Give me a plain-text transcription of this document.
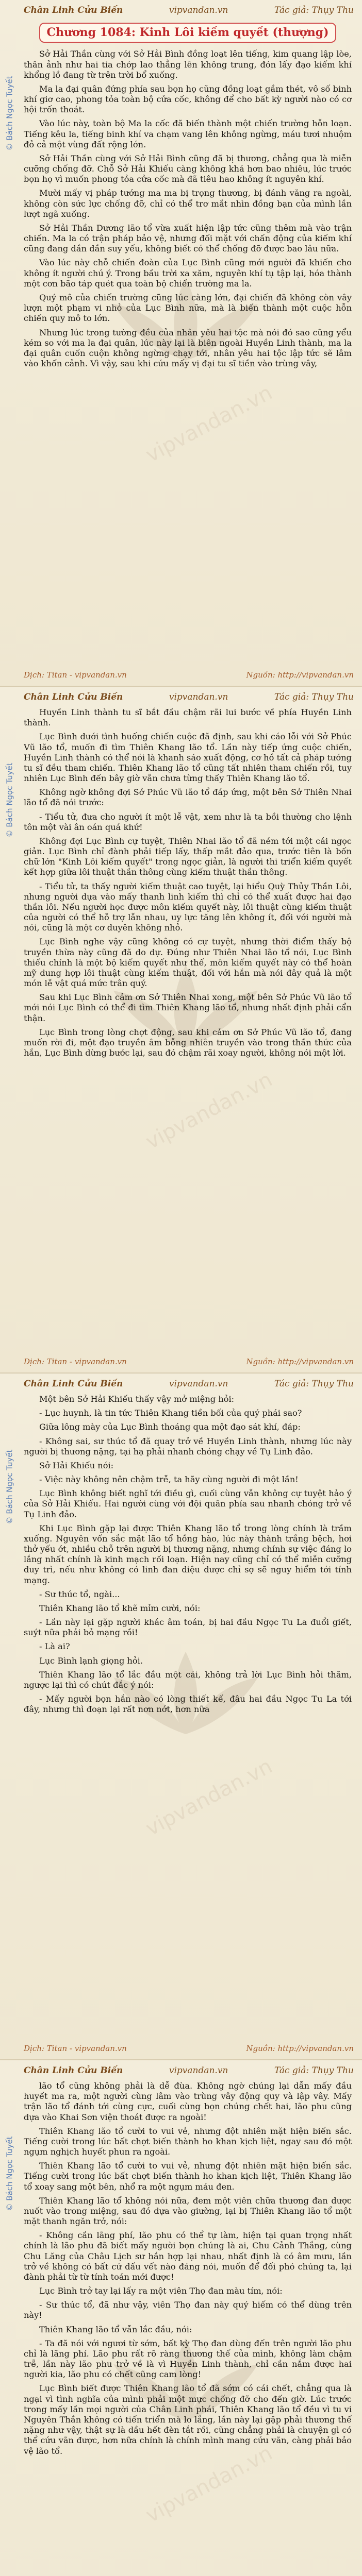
Chân Linh Cửu Biến	vipvandan.vn	Tác giả: Thụy Thu
© Bách Ngọc Tuyết
vipvandan.vn
Chương 1084: Kinh Lôi kiếm quyết (thượng)

Sở Hải Thần cùng với Sở Hải Bình đồng loạt lên tiếng, kim quang lập lòe, thân ảnh như hai tia chớp lao thẳng lên không trung, đón lấy đạo kiếm khí khổng lồ đang từ trên trời bổ xuống.

Ma la đại quân đứng phía sau bọn họ cũng đồng loạt gầm thét, vô số binh khí giơ cao, phong tỏa toàn bộ cửa cốc, không để cho bất kỳ người nào có cơ hội trốn thoát.

Vào lúc này, toàn bộ Ma la cốc đã biến thành một chiến trường hỗn loạn. Tiếng kêu la, tiếng binh khí va chạm vang lên không ngừng, máu tươi nhuộm đỏ cả một vùng đất rộng lớn.

Sở Hải Thần cùng với Sở Hải Bình cũng đã bị thương, chẳng qua là miễn cưỡng chống đỡ. Chỗ Sở Hải Khiếu càng không khá hơn bao nhiêu, lúc trước bọn họ vì muốn phong tỏa cửa cốc mà đã tiêu hao không ít nguyên khí.

Mười mấy vị pháp tướng ma ma bị trọng thương, bị đánh văng ra ngoài, không còn sức lực chống đỡ, chỉ có thể trơ mắt nhìn đồng bạn của mình lần lượt ngã xuống.

Sở Hải Thần Dương lão tổ vừa xuất hiện lập tức cũng thêm mà vào trận chiến. Ma la có trận pháp bảo vệ, nhưng đối mặt với chấn động của kiếm khí cũng đang dần dần suy yếu, không biết có thể chống đỡ được bao lâu nữa.

Vào lúc này chỗ chiến đoàn của Lục Bình cũng mới người đã khiến cho không ít người chú ý. Trong bầu trời xa xăm, nguyên khí tụ tập lại, hóa thành một cơn bão táp quét qua toàn bộ chiến trường ma la.

Quý mô của chiến trường cũng lúc càng lớn, đại chiến đã không còn vây lượn một phạm vi nhỏ của Lục Bình nữa, mà là biến thành một cuộc hỗn chiến quy mô to lớn.

Nhưng lúc trong tường đều của nhân yêu hai tộc mà nói đó sao cũng yểu kém so với ma la đại quân, lúc này lại là biên ngoài Huyền Linh thành, ma la đại quân cuốn cuộn không ngừng chạy tới, nhân yêu hai tộc lập tức sẽ lâm vào khốn cảnh. Vì vậy, sau khi cứu mấy vị đại tu sĩ tiền vào trùng vây,

Dịch: Titan - vipvandan.vn	Nguồn: http://vipvandan.vn
Chân Linh Cửu Biến	vipvandan.vn	Tác giả: Thụy Thu
© Bách Ngọc Tuyết
vipvandan.vn

Huyền Linh thành tu sĩ bắt đầu chậm rãi lui bước về phía Huyền Linh thành.

Lục Bình dưới tình huống chiến cuộc đã định, sau khi cáo lỗi với Sở Phúc Vũ lão tổ, muốn đi tìm Thiên Khang lão tổ. Lần này tiếp ứng cuộc chiến, Huyền Linh thành có thể nói là khanh sáo xuất động, cơ hồ tất cả pháp tướng tu sĩ đều tham chiến. Thiên Khang lão tổ cũng tất nhiên tham chiến rồi, tuy nhiên Lục Bình đến bây giờ vẫn chưa từng thấy Thiên Khang lão tổ.

Không ngờ không đợi Sở Phúc Vũ lão tổ đáp ứng, một bên Sở Thiên Nhai lão tổ đã nói trước:

- Tiểu tử, đưa cho người ít một lễ vật, xem như là ta bồi thường cho lệnh tôn một vài ân oán quá khứ!

Không đợi Lục Bình cự tuyệt, Thiên Nhai lão tổ đã ném tới một cái ngọc giản. Lục Bình chỉ đành phải tiếp lấy, thấp mắt đảo qua, trước tiên là bốn chữ lớn "Kinh Lôi kiếm quyết" trong ngọc giản, là người thi triển kiếm quyết kết hợp giữa lôi thuật thần thông cùng kiếm thuật thần thông.

- Tiểu tử, ta thấy người kiếm thuật cao tuyệt, lại hiểu Quỳ Thủy Thần Lôi, nhưng người dựa vào mấy thanh linh kiếm thì chỉ có thể xuất được hai đạo thần lôi. Nếu người học được môn kiếm quyết này, lôi thuật cùng kiếm thuật của người có thể hỗ trợ lẫn nhau, uy lực tăng lên không ít, đối với người mà nói, cũng là một cơ duyên không nhỏ.

Lục Bình nghe vậy cũng không có cự tuyệt, nhưng thời điểm thấy bộ truyền thừa này cũng đã do dự. Đúng như Thiên Nhai lão tổ nói, Lục Bình thiếu chính là một bộ kiếm quyết như thế, môn kiếm quyết này có thể hoàn mỹ dung hợp lôi thuật cùng kiếm thuật, đối với hắn mà nói đây quả là một món lễ vật quá mức trân quý.

Sau khi Lục Bình cảm ơn Sở Thiên Nhai xong, một bên Sở Phúc Vũ lão tổ mới nói Lục Bình có thể đi tìm Thiên Khang lão tổ, nhưng nhất định phải cẩn thận.

Lục Bình trong lòng chợt động, sau khi cảm ơn Sở Phúc Vũ lão tổ, đang muốn rời đi, một đạo truyền âm bỗng nhiên truyền vào trong thần thức của hắn, Lục Bình dừng bước lại, sau đó chậm rãi xoay người, không nói một lời.

Dịch: Titan - vipvandan.vn	Nguồn: http://vipvandan.vn
Chân Linh Cửu Biến	vipvandan.vn	Tác giả: Thụy Thu
© Bách Ngọc Tuyết
vipvandan.vn

Một bên Sở Hải Khiếu thấy vậy mở miệng hỏi:

- Lục huynh, là tin tức Thiên Khang tiền bối của quý phái sao?

Giữa lông mày của Lục Bình thoáng qua một đạo sát khí, đáp:

- Không sai, sư thúc tổ đã quay trở về Huyền Linh thành, nhưng lúc này người bị thương nặng, tại hạ phải nhanh chóng chạy về Tụ Linh đảo.

Sở Hải Khiếu nói:

- Việc này không nên chậm trễ, ta hãy cùng người đi một lần!

Lục Bình không biết nghĩ tới điều gì, cuối cùng vẫn không cự tuyệt hảo ý của Sở Hải Khiếu. Hai người cùng với đội quân phía sau nhanh chóng trở về Tụ Linh đảo.

Khi Lục Bình gặp lại được Thiên Khang lão tổ trong lòng chính là trầm xuống. Nguyên vốn sắc mặt lão tổ hồng hào, lúc này thành trắng bệch, hơi thở yếu ớt, nhiều chỗ trên người bị thương nặng, nhưng chính sự việc đáng lo lắng nhất chính là kinh mạch rối loạn. Hiện nay cũng chỉ có thể miễn cưỡng duy trì, nếu như không có linh đan diệu dược chỉ sợ sẽ nguy hiểm tới tính mạng.

- Sư thúc tổ, ngài...

Thiên Khang lão tổ khẽ mỉm cười, nói:

- Lần này lại gặp người khác âm toán, bị hai đầu Ngọc Tu La đuổi giết, suýt nữa phải bỏ mạng rồi!

- Là ai?

Lục Bình lạnh giọng hỏi.

Thiên Khang lão tổ lắc đầu một cái, không trả lời Lục Bình hỏi thăm, ngược lại thì có chút đắc ý nói:

- Mấy người bọn hắn nào có lòng thiết kế, đâu hai đầu Ngọc Tu La tới đây, nhưng thì đoạn lại rất nơn nớt, hơn nữa

Dịch: Titan - vipvandan.vn	Nguồn: http://vipvandan.vn
Chân Linh Cửu Biến	vipvandan.vn	Tác giả: Thụy Thu
© Bách Ngọc Tuyết
vipvandan.vn

lão tổ cũng không phải là dễ đùa. Không ngờ chúng lại dẫn mấy đầu huyết ma ra, một người cùng lâm vào trùng vây động quy và lập vây. Mấy trận lão tổ đánh tới cùng cực, cuối cùng bọn chúng chết hai, lão phu cũng dựa vào Khai Sơn viện thoát được ra ngoài!

Thiên Khang lão tổ cười to vui vẻ, nhưng đột nhiên mặt hiện biến sắc. Tiếng cười trong lúc bất chợt biến thành ho khan kịch liệt, ngay sau đó một ngụm nghịch huyết phun ra ngoài.

Thiên Khang lão tổ cười to vui vẻ, nhưng đột nhiên mặt hiện biến sắc. Tiếng cười trong lúc bất chợt biến thành ho khan kịch liệt, Thiên Khang lão tổ xoay sang một bên, nhổ ra một ngụm máu đen.

Thiên Khang lão tổ không nói nữa, đem một viên chữa thương đan dược nuốt vào trong miệng, sau đó dựa vào giường, lại bị Thiên Khang lão tổ một mặt thanh ngăn trở, nói:

- Không cần lãng phí, lão phu có thể tự làm, hiện tại quan trọng nhất chính là lão phu đã biết mấy người bọn chúng là ai, Chu Cảnh Thắng, cùng Chu Lăng của Châu Lịch sư hắn hợp lại nhau, nhất định là có âm mưu, lần trở về không có bất cứ dấu vết nào đáng nói, muốn để đối phó chúng ta, lại đành phải từ từ tính toán mới được!

Lục Bình trở tay lại lấy ra một viên Thọ đan màu tím, nói:

- Sư thúc tổ, đã như vậy, viên Thọ đan này quý hiếm có thể dùng trên này!

Thiên Khang lão tổ vẫn lắc đầu, nói:

- Ta đã nói với ngươi từ sớm, bất kỳ Thọ đan dùng đến trên người lão phu chỉ là lãng phí. Lão phu rất rõ ràng thương thế của mình, không làm chậm trễ, lần này lão phu trở về là vì Huyền Linh thành, chỉ cần nắm được hai người kia, lão phu có chết cũng cam lòng!

Lục Bình biết được Thiên Khang lão tổ đã sớm có cái chết, chẳng qua là ngại vì tình nghĩa của mình phải một mực chống đỡ cho đến giờ. Lúc trước trong mấy lần mọi người của Chân Linh phái, Thiên Khang lão tổ đều vì tu vi Nguyên Thần không có tiến triển mà lo lắng, lần này lại gặp phải thương thế nặng như vậy, thật sự là dầu hết đèn tắt rồi, cũng chẳng phải là chuyện gì có thể cứu vãn được, hơn nữa chính là chính mình mang cứu vãn, càng phải bảo vệ lão tổ.
